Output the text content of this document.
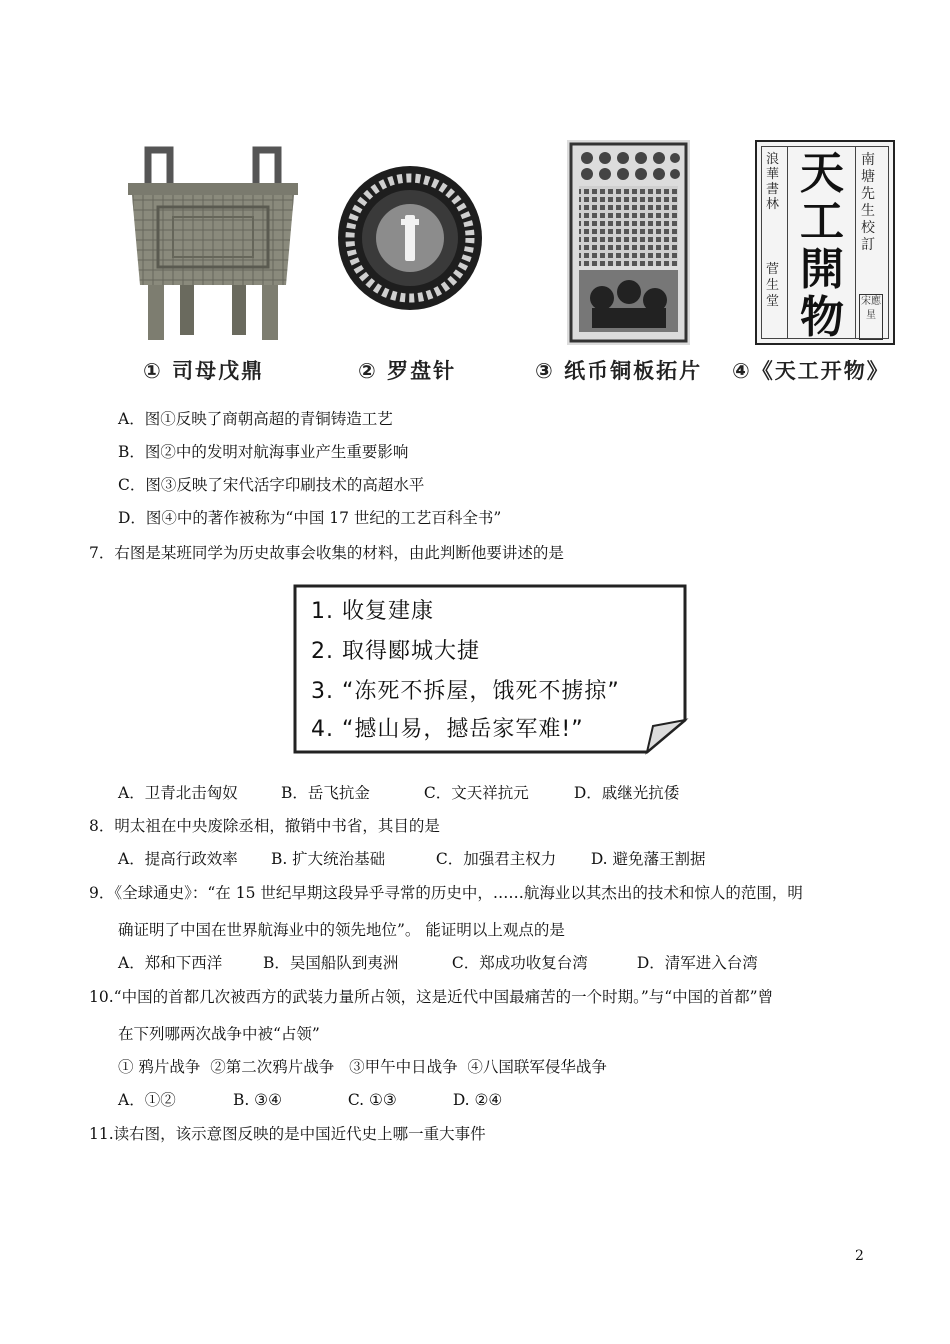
浪華書林
菅生堂
天
工
開
物
南塘先生校訂
宋應星
① 司母戊鼎	② 罗盘针	③ 纸币铜板拓片 ④《天工开物》
A．图①反映了商朝高超的青铜铸造工艺
B．图②中的发明对航海事业产生重要影响
C．图③反映了宋代活字印刷技术的高超水平
D．图④中的著作被称为“中国 17 世纪的工艺百科全书”
7．右图是某班同学为历史故事会收集的材料，由此判断他要讲述的是
1. 收复建康
2. 取得郾城大捷
3. “冻死不拆屋，饿死不掳掠”
4. “撼山易，撼岳家军难!”
A．卫青北击匈奴	B．岳飞抗金	C．文天祥抗元	D．戚继光抗倭
8．明太祖在中央废除丞相，撤销中书省，其目的是
A．提高行政效率 B. 扩大统治基础	C．加强君主权力 D. 避免藩王割据
9．《全球通史》：“在 15 世纪早期这段异乎寻常的历史中，……航海业以其杰出的技术和惊人的范围，明
确证明了中国在世界航海业中的领先地位”。 能证明以上观点的是
A．郑和下西洋	B．吴国船队到夷洲	C．郑成功收复台湾	D．清军进入台湾
10.“中国的首都几次被西方的武装力量所占领，这是近代中国最痛苦的一个时期。”与“中国的首都”曾
在下列哪两次战争中被“占领”
① 鸦片战争  ②第二次鸦片战争   ③甲午中日战争  ④八国联军侵华战争
A．①②	B. ③④	C. ①③	D. ②④
11.读右图，该示意图反映的是中国近代史上哪一重大事件
2
